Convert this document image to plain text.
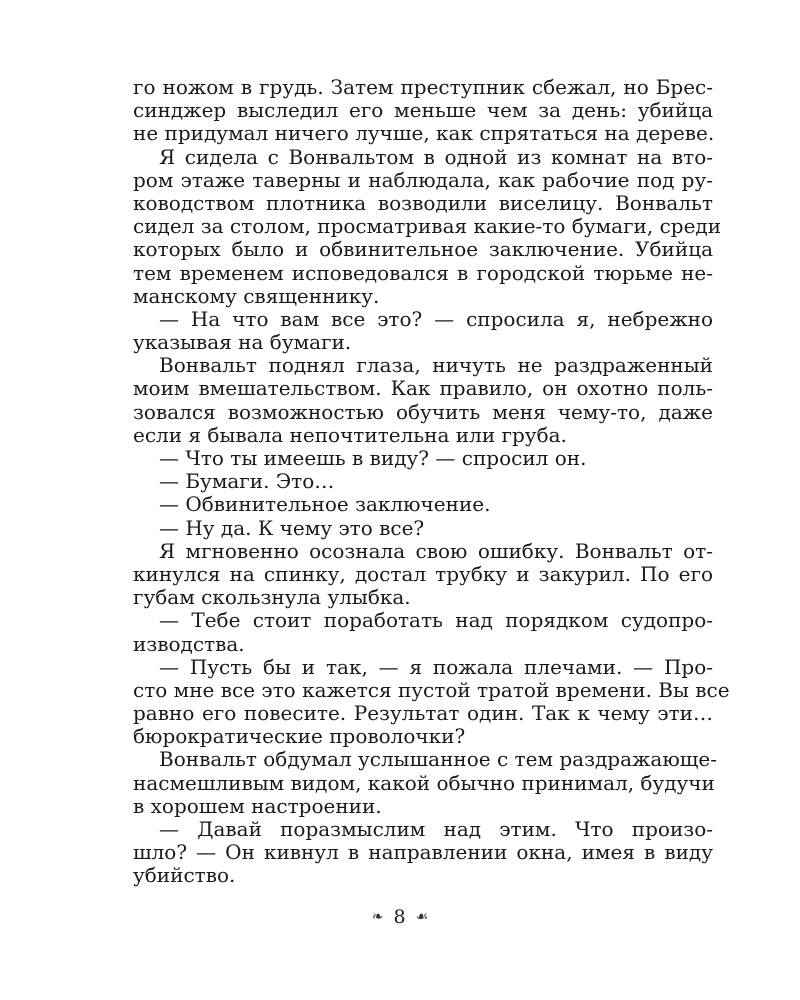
го ножом в грудь. Затем преступник сбежал, но Брес-
синджер выследил его меньше чем за день: убийца
не придумал ничего лучше, как спрятаться на дереве.
Я сидела с Вонвальтом в одной из комнат на вто-
ром этаже таверны и наблюдала, как рабочие под ру-
ководством плотника возводили виселицу. Вонвальт
сидел за столом, просматривая какие-то бумаги, среди
которых было и обвинительное заключение. Убийца
тем временем исповедовался в городской тюрьме не-
манскому священнику.
— На что вам все это? — спросила я, небрежно
указывая на бумаги.
Вонвальт поднял глаза, ничуть не раздраженный
моим вмешательством. Как правило, он охотно поль-
зовался возможностью обучить меня чему-то, даже
если я бывала непочтительна или груба.
— Что ты имеешь в виду? — спросил он.
— Бумаги. Это…
— Обвинительное заключение.
— Ну да. К чему это все?
Я мгновенно осознала свою ошибку. Вонвальт от-
кинулся на спинку, достал трубку и закурил. По его
губам скользнула улыбка.
— Тебе стоит поработать над порядком судопро-
изводства.
— Пусть бы и так, — я пожала плечами. — Про-
сто мне все это кажется пустой тратой времени. Вы все
равно его повесите. Результат один. Так к чему эти…
бюрократические проволочки?
Вонвальт обдумал услышанное с тем раздражающе-
насмешливым видом, какой обычно принимал, будучи
в хорошем настроении.
— Давай поразмыслим над этим. Что произо-
шло? — Он кивнул в направлении окна, имея в виду
убийство.
❧ 8 ☙
